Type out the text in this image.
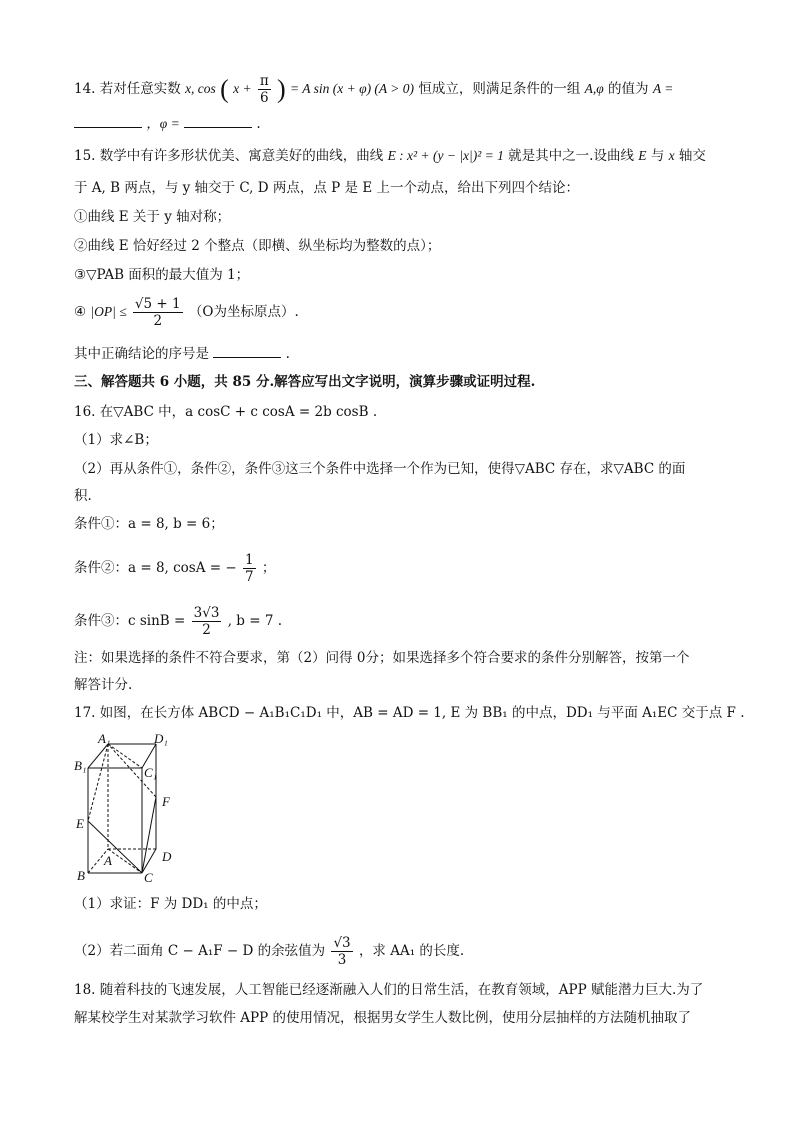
14. 若对任意实数 x, cos ( $x + \frac{\pi}{6}$ ) = A sin (x + φ) (A > 0) 恒成立，则满足条件的一组 A,φ 的值为 A =
，φ =	.
15. 数学中有许多形状优美、寓意美好的曲线，曲线 E : x² + (y − |x|)² = 1 就是其中之一.设曲线 E 与 x 轴交
于 A, B 两点，与 y 轴交于 C, D 两点，点 P 是 E 上一个动点，给出下列四个结论：
①曲线 E 关于 y 轴对称；
②曲线 E 恰好经过 2 个整点（即横、纵坐标均为整数的点）；
③▽PAB 面积的最大值为 1；
④ $|OP| \le \frac{√5 + 1}{2} (O$为坐标原点）.
其中正确结论的序号是	.
三、解答题共 6 小题，共 85 分.解答应写出文字说明，演算步骤或证明过程.
16. 在▽ABC 中，a cosC + c cosA = 2b cosB .
（1）求∠B；
（2）再从条件①，条件②，条件③这三个条件中选择一个作为已知，使得▽ABC 存在，求▽ABC 的面
积.
条件①：a = 8, b = 6；
条件②：a = 8, cosA = − $\frac{1}{7}$ ；
条件③：c $\sin B = \frac{3√3}{2}$ , b = 7 .
注：如果选择的条件不符合要求，第（2）问得 0分；如果选择多个符合要求的条件分别解答，按第一个
解答计分.
17. 如图，在长方体 ABCD − A₁B₁C₁D₁ 中，AB = AD = 1, E 为 BB₁ 的中点，DD₁ 与平面 A₁EC 交于点 F .
A₁	D₁
B₁	C₁
F
E
D
A
B	C
（1）求证：F 为 DD₁ 的中点；
（2）若二面角 C − A₁F − D 的余弦值为 $\frac{√3}{3}$ ，求 AA₁ 的长度.
18. 随着科技的飞速发展，人工智能已经逐渐融入人们的日常生活，在教育领域，APP 赋能潜力巨大.为了
解某校学生对某款学习软件 APP 的使用情况，根据男女学生人数比例，使用分层抽样的方法随机抽取了
